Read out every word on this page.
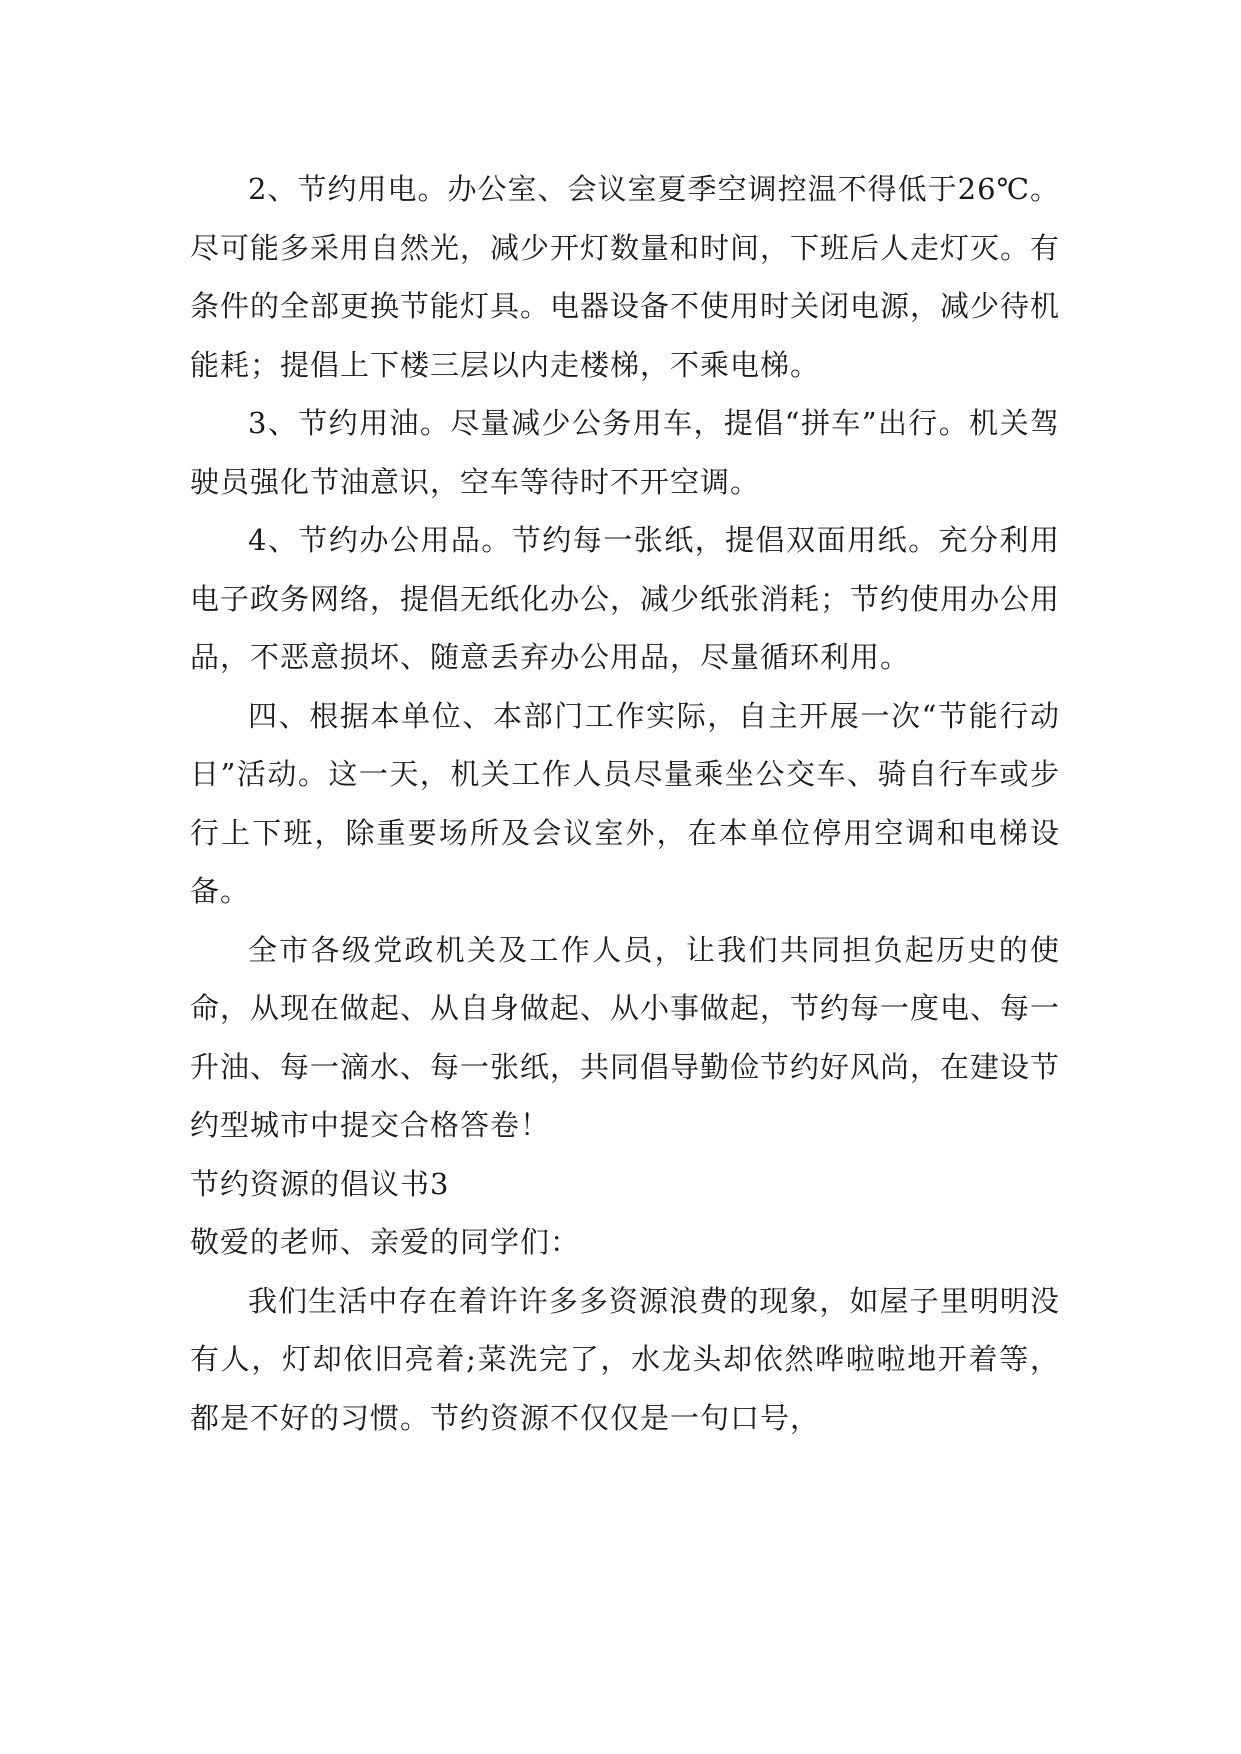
2、节约用电。办公室、会议室夏季空调控温不得低于26℃。尽可能多采用自然光，减少开灯数量和时间，下班后人走灯灭。有条件的全部更换节能灯具。电器设备不使用时关闭电源，减少待机能耗；提倡上下楼三层以内走楼梯，不乘电梯。

3、节约用油。尽量减少公务用车，提倡“拼车”出行。机关驾驶员强化节油意识，空车等待时不开空调。

4、节约办公用品。节约每一张纸，提倡双面用纸。充分利用电子政务网络，提倡无纸化办公，减少纸张消耗；节约使用办公用品，不恶意损坏、随意丢弃办公用品，尽量循环利用。

四、根据本单位、本部门工作实际，自主开展一次“节能行动日”活动。这一天，机关工作人员尽量乘坐公交车、骑自行车或步行上下班，除重要场所及会议室外，在本单位停用空调和电梯设备。

全市各级党政机关及工作人员，让我们共同担负起历史的使命，从现在做起、从自身做起、从小事做起，节约每一度电、每一升油、每一滴水、每一张纸，共同倡导勤俭节约好风尚，在建设节约型城市中提交合格答卷！

节约资源的倡议书3

敬爱的老师、亲爱的同学们：

我们生活中存在着许许多多资源浪费的现象，如屋子里明明没有人，灯却依旧亮着;菜洗完了，水龙头却依然哗啦啦地开着等，都是不好的习惯。节约资源不仅仅是一句口号，
